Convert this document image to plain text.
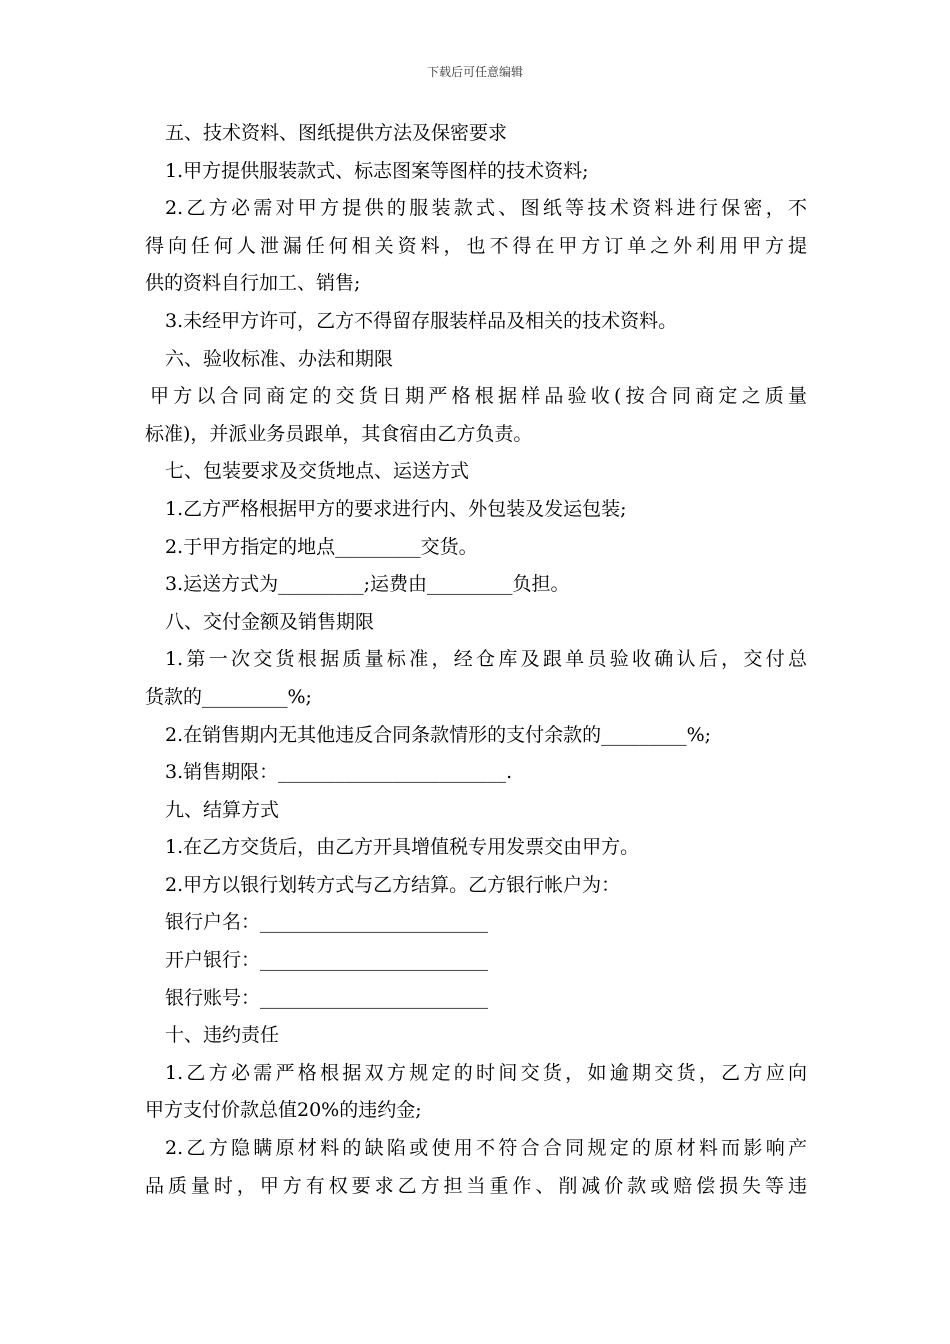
下载后可任意编辑
五、技术资料、图纸提供方法及保密要求
1.甲方提供服装款式、标志图案等图样的技术资料;
2.乙方必需对甲方提供的服装款式、图纸等技术资料进行保密，不
得向任何人泄漏任何相关资料，也不得在甲方订单之外利用甲方提
供的资料自行加工、销售;
3.未经甲方许可，乙方不得留存服装样品及相关的技术资料。
六、验收标准、办法和期限
甲方以合同商定的交货日期严格根据样品验收(按合同商定之质量
标准)，并派业务员跟单，其食宿由乙方负责。
七、包装要求及交货地点、运送方式
1.乙方严格根据甲方的要求进行内、外包装及发运包装;
2.于甲方指定的地点_________交货。
3.运送方式为_________;运费由_________负担。
八、交付金额及销售期限
1.第一次交货根据质量标准，经仓库及跟单员验收确认后，交付总
货款的_________%;
2.在销售期内无其他违反合同条款情形的支付余款的_________%;
3.销售期限：________________________.
九、结算方式
1.在乙方交货后，由乙方开具增值税专用发票交由甲方。
2.甲方以银行划转方式与乙方结算。乙方银行帐户为：
银行户名：________________________
开户银行：________________________
银行账号：________________________
十、违约责任
1.乙方必需严格根据双方规定的时间交货，如逾期交货，乙方应向
甲方支付价款总值20%的违约金;
2.乙方隐瞒原材料的缺陷或使用不符合合同规定的原材料而影响产
品质量时，甲方有权要求乙方担当重作、削减价款或赔偿损失等违
